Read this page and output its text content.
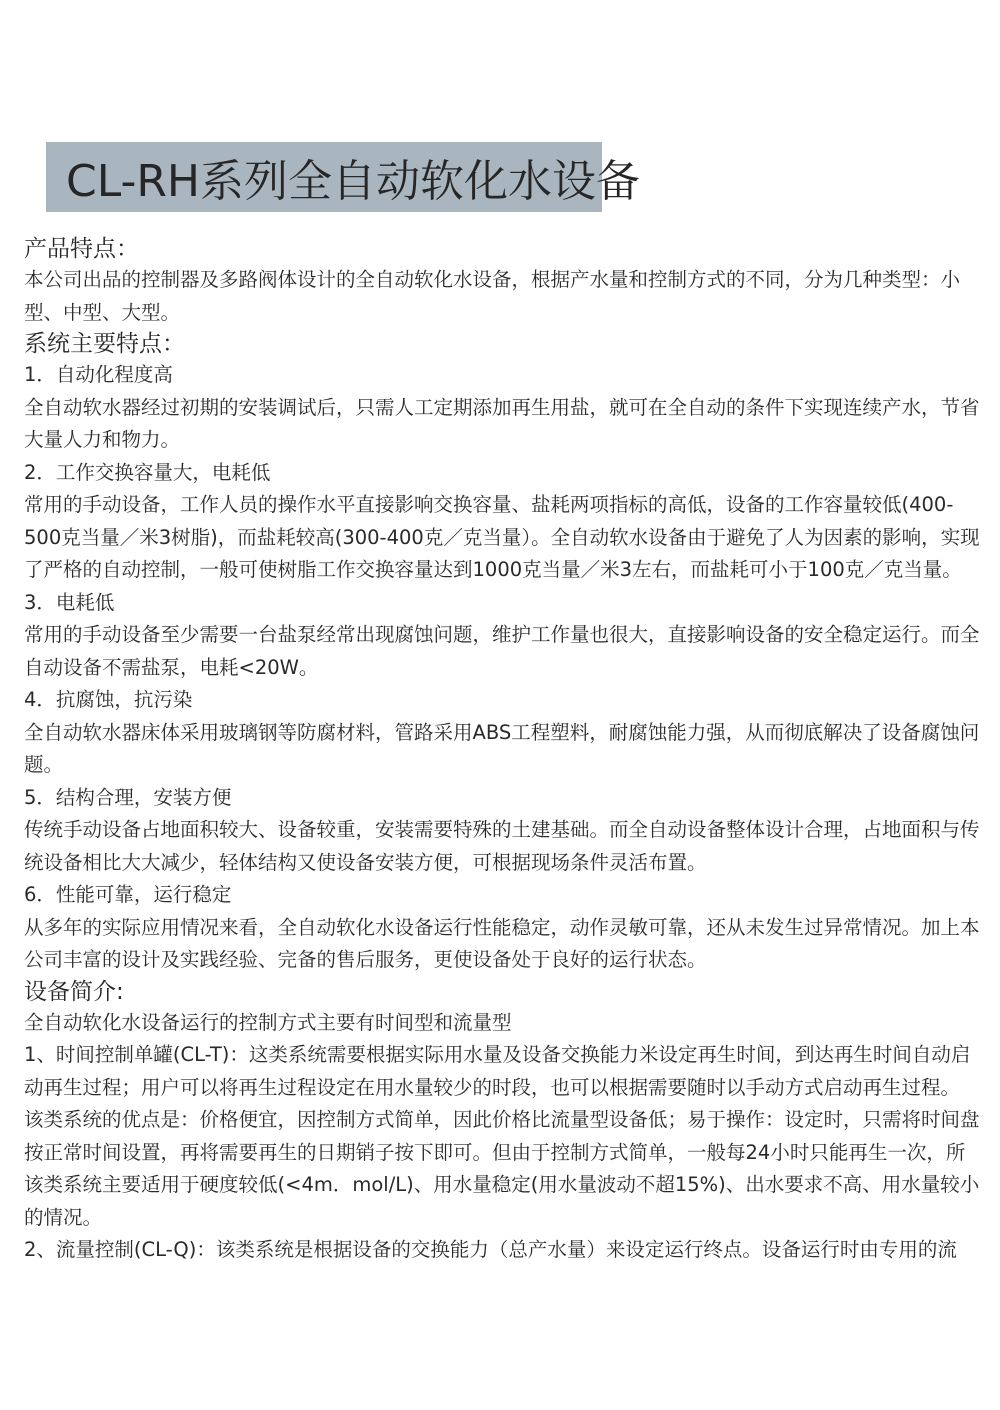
CL-RH系列全自动软化水设备

产品特点：

本公司出品的控制器及多路阀体设计的全自动软化水设备，根据产水量和控制方式的不同，分为几种类型：小型、中型、大型。

系统主要特点：

1．自动化程度高

全自动软水器经过初期的安装调试后，只需人工定期添加再生用盐，就可在全自动的条件下实现连续产水，节省大量人力和物力。

2．工作交换容量大，电耗低

常用的手动设备，工作人员的操作水平直接影响交换容量、盐耗两项指标的高低，设备的工作容量较低(400-500克当量／米3树脂)，而盐耗较高(300-400克／克当量）。全自动软水设备由于避免了人为因素的影响，实现了严格的自动控制，一般可使树脂工作交换容量达到1000克当量／米3左右，而盐耗可小于100克／克当量。

3．电耗低

常用的手动设备至少需要一台盐泵经常出现腐蚀问题，维护工作量也很大，直接影响设备的安全稳定运行。而全自动设备不需盐泵，电耗<20W。

4．抗腐蚀，抗污染

全自动软水器床体采用玻璃钢等防腐材料，管路采用ABS工程塑料，耐腐蚀能力强，从而彻底解决了设备腐蚀问题。

5．结构合理，安装方便

传统手动设备占地面积较大、设备较重，安装需要特殊的土建基础。而全自动设备整体设计合理，占地面积与传统设备相比大大减少，轻体结构又使设备安装方便，可根据现场条件灵活布置。

6．性能可靠，运行稳定

从多年的实际应用情况来看，全自动软化水设备运行性能稳定，动作灵敏可靠，还从未发生过异常情况。加上本公司丰富的设计及实践经验、完备的售后服务，更使设备处于良好的运行状态。

设备简介:

全自动软化水设备运行的控制方式主要有时间型和流量型

1、时间控制单罐(CL-T)：这类系统需要根据实际用水量及设备交换能力米设定再生时间，到达再生时间自动启动再生过程；用户可以将再生过程设定在用水量较少的时段，也可以根据需要随时以手动方式启动再生过程。

该类系统的优点是：价格便宜，因控制方式简单，因此价格比流量型设备低；易于操作：设定时，只需将时间盘按正常时间设置，再将需要再生的日期销子按下即可。但由于控制方式简单，一般每24小时只能再生一次，所该类系统主要适用于硬度较低(<4m．mol/L)、用水量稳定(用水量波动不超15%)、出水要求不高、用水量较小的情况。

2、流量控制(CL-Q)：该类系统是根据设备的交换能力（总产水量）来设定运行终点。设备运行时由专用的流
